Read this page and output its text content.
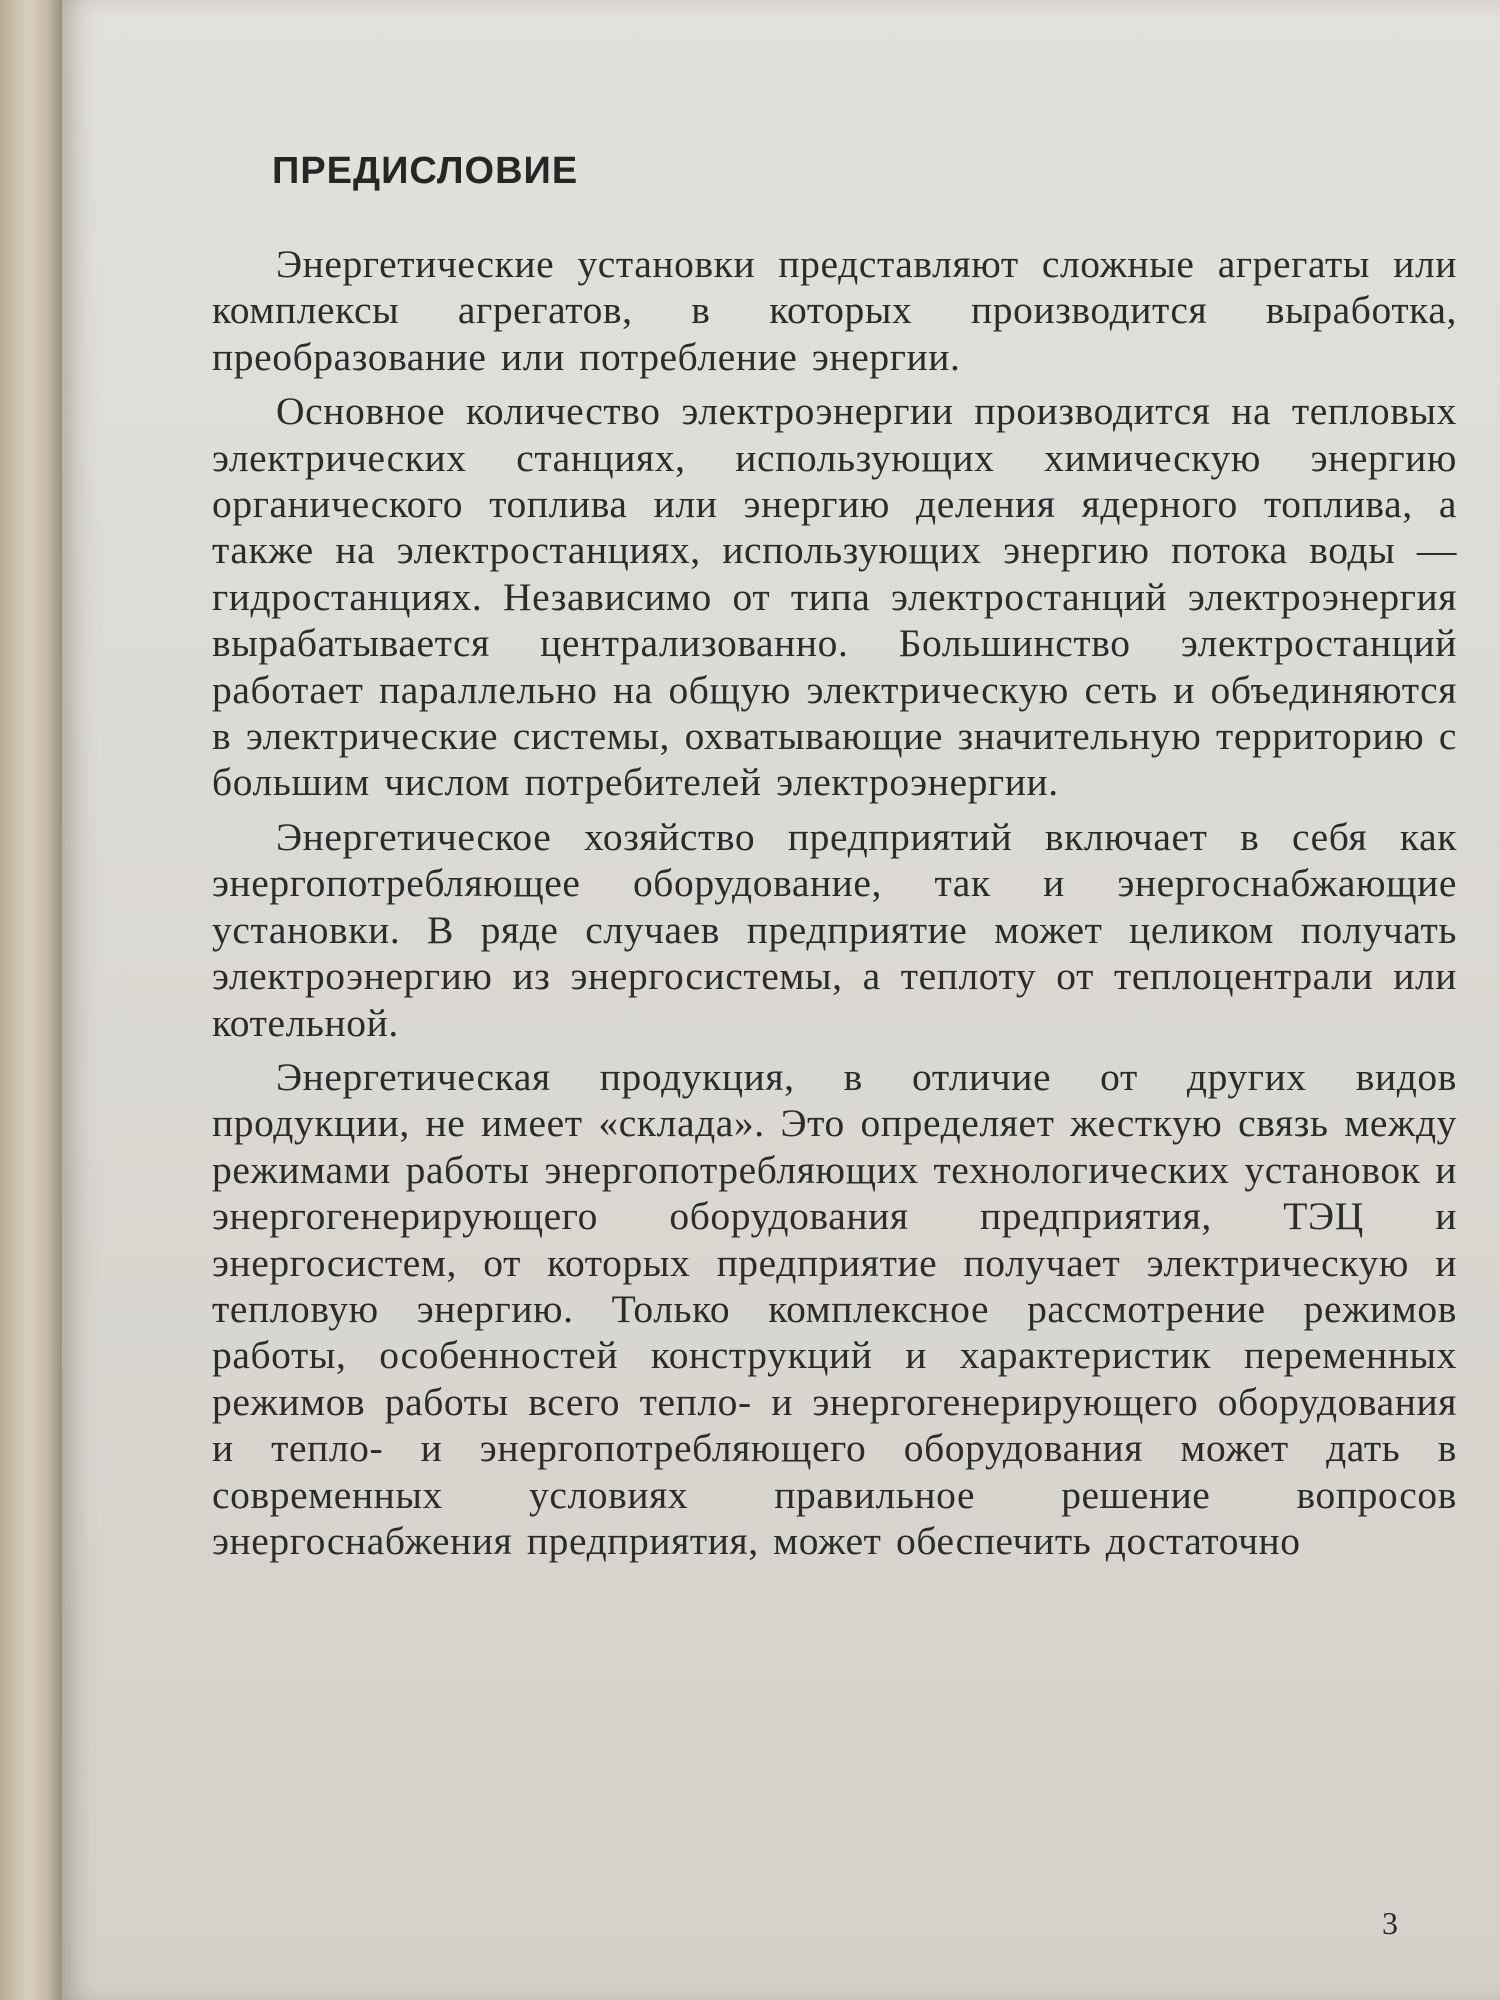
ПРЕДИСЛОВИЕ

Энергетические установки представляют сложные агрегаты или комплексы агрегатов, в которых производится выработка, преобразование или потребление энергии.

Основное количество электроэнергии производится на тепловых электрических станциях, использующих химическую энергию органического топлива или энергию деления ядерного топлива, а также на электростанциях, использующих энергию потока воды — гидростанциях. Независимо от типа электростанций электроэнергия вырабатывается централизованно. Большинство электростанций работает параллельно на общую электрическую сеть и объединяются в электрические системы, охватывающие значительную территорию с большим числом потребителей электроэнергии.

Энергетическое хозяйство предприятий включает в себя как энергопотребляющее оборудование, так и энергоснабжающие установки. В ряде случаев предприятие может целиком получать электроэнергию из энергосистемы, а теплоту от теплоцентрали или котельной.

Энергетическая продукция, в отличие от других видов продукции, не имеет «склада». Это определяет жесткую связь между режимами работы энергопотребляющих технологических установок и энергогенерирующего оборудования предприятия, ТЭЦ и энергосистем, от которых предприятие получает электрическую и тепловую энергию. Только комплексное рассмотрение режимов работы, особенностей конструкций и характеристик переменных режимов работы всего тепло- и энергогенерирующего оборудования и тепло- и энергопотребляющего оборудования может дать в современных условиях правильное решение вопросов энергоснабжения предприятия, может обеспечить достаточно

3
